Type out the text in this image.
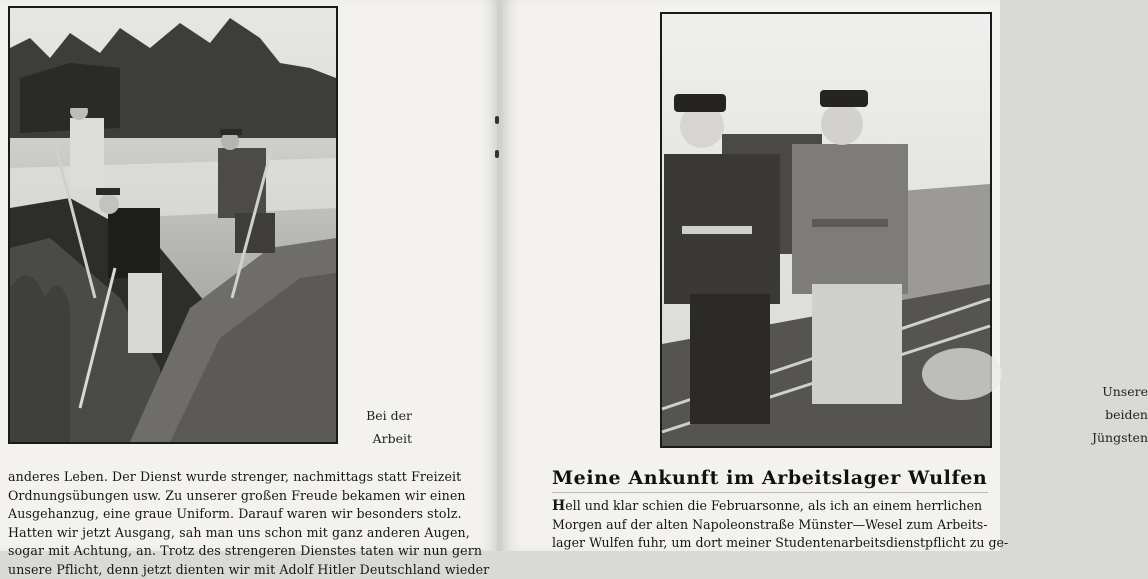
Bei der
Arbeit
anderes Leben. Der Dienst wurde strenger, nachmittags statt Freizeit
Ordnungsübungen usw. Zu unserer großen Freude bekamen wir einen
Ausgehanzug, eine graue Uniform. Darauf waren wir besonders stolz.
Hatten wir jetzt Ausgang, sah man uns schon mit ganz anderen Augen,
sogar mit Achtung, an. Trotz des strengeren Dienstes taten wir nun gern
unsere Pflicht, denn jetzt dienten wir mit Adolf Hitler Deutschland wieder
Unsere
beiden
Jüngsten
Meine Ankunft im Arbeitslager Wulfen
Hell und klar schien die Februarsonne, als ich an einem herrlichen
Morgen auf der alten Napoleonstraße Münster—Wesel zum Arbeits-
lager Wulfen fuhr, um dort meiner Studentenarbeitsdienstpflicht zu ge-
